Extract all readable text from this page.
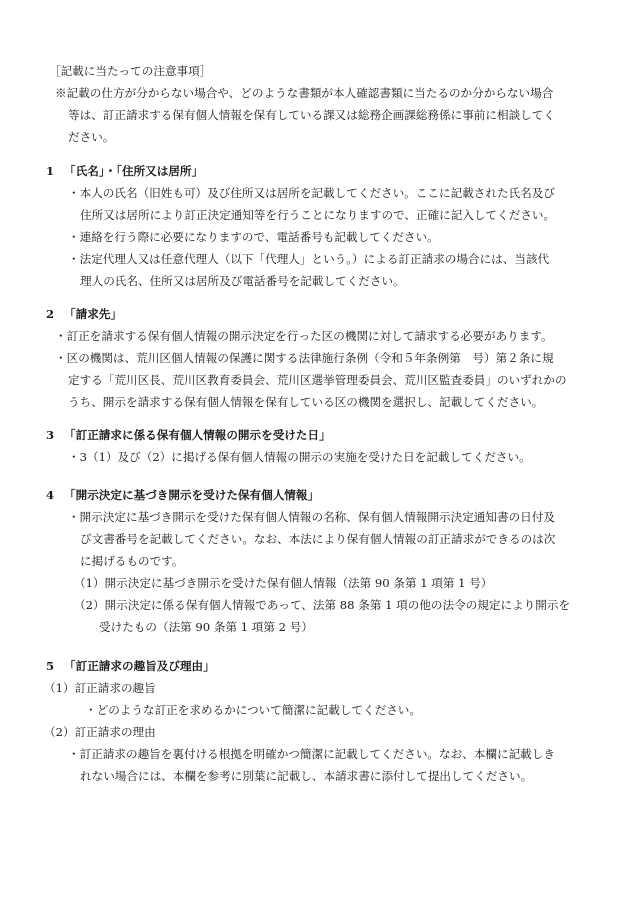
［記載に当たっての注意事項］
※記載の仕方が分からない場合や、どのような書類が本人確認書類に当たるのか分からない場合
等は、訂正請求する保有個人情報を保有している課又は総務企画課総務係に事前に相談してく
ださい。
1 「氏名」・「住所又は居所」
・本人の氏名（旧姓も可）及び住所又は居所を記載してください。ここに記載された氏名及び
住所又は居所により訂正決定通知等を行うことになりますので、正確に記入してください。
・連絡を行う際に必要になりますので、電話番号も記載してください。
・法定代理人又は任意代理人（以下「代理人」という。）による訂正請求の場合には、当該代
理人の氏名、住所又は居所及び電話番号を記載してください。
2 「請求先」
・訂正を請求する保有個人情報の開示決定を行った区の機関に対して請求する必要があります。
・区の機関は、荒川区個人情報の保護に関する法律施行条例（令和５年条例第　号）第２条に規
定する「荒川区長、荒川区教育委員会、荒川区選挙管理委員会、荒川区監査委員」のいずれかの
うち、開示を請求する保有個人情報を保有している区の機関を選択し、記載してください。
3 「訂正請求に係る保有個人情報の開示を受けた日」
・3（1）及び（2）に掲げる保有個人情報の開示の実施を受けた日を記載してください。
4 「開示決定に基づき開示を受けた保有個人情報」
・開示決定に基づき開示を受けた保有個人情報の名称、保有個人情報開示決定通知書の日付及
び文書番号を記載してください。なお、本法により保有個人情報の訂正請求ができるのは次
に掲げるものです。
（1）開示決定に基づき開示を受けた保有個人情報（法第 90 条第 1 項第 1 号）
（2）開示決定に係る保有個人情報であって、法第 88 条第 1 項の他の法令の規定により開示を
受けたもの（法第 90 条第 1 項第 2 号）
5 「訂正請求の趣旨及び理由」
（1）訂正請求の趣旨
・どのような訂正を求めるかについて簡潔に記載してください。
（2）訂正請求の理由
・訂正請求の趣旨を裏付ける根拠を明確かつ簡潔に記載してください。なお、本欄に記載しき
れない場合には、本欄を参考に別葉に記載し、本請求書に添付して提出してください。
